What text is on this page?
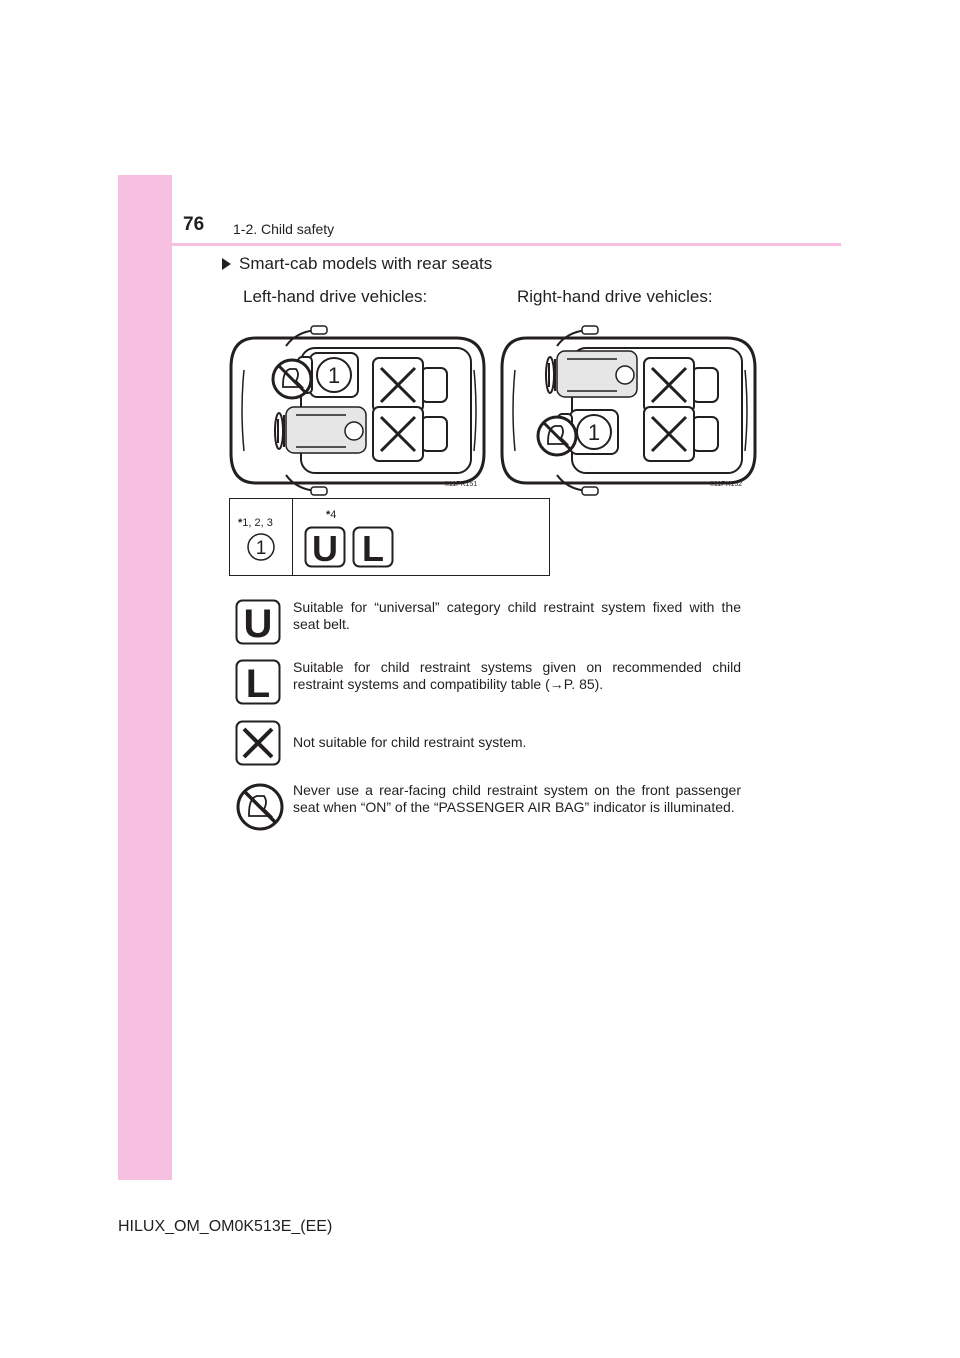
76 1-2. Child safety
Smart-cab models with rear seats
Left-hand drive vehicles:	Right-hand drive vehicles:
II11PK151	II11PK152
*1, 2, 3
1
*4
U L
U Suitable for “universal” category child restraint system fixed with the seat belt.
L Suitable for child restraint systems given on recommended child restraint systems and compatibility table (→P. 85).
Not suitable for child restraint system.
Never use a rear-facing child restraint system on the front passenger seat when “ON” of the “PASSENGER AIR BAG” indicator is illuminated.
HILUX_OM_OM0K513E_(EE)
